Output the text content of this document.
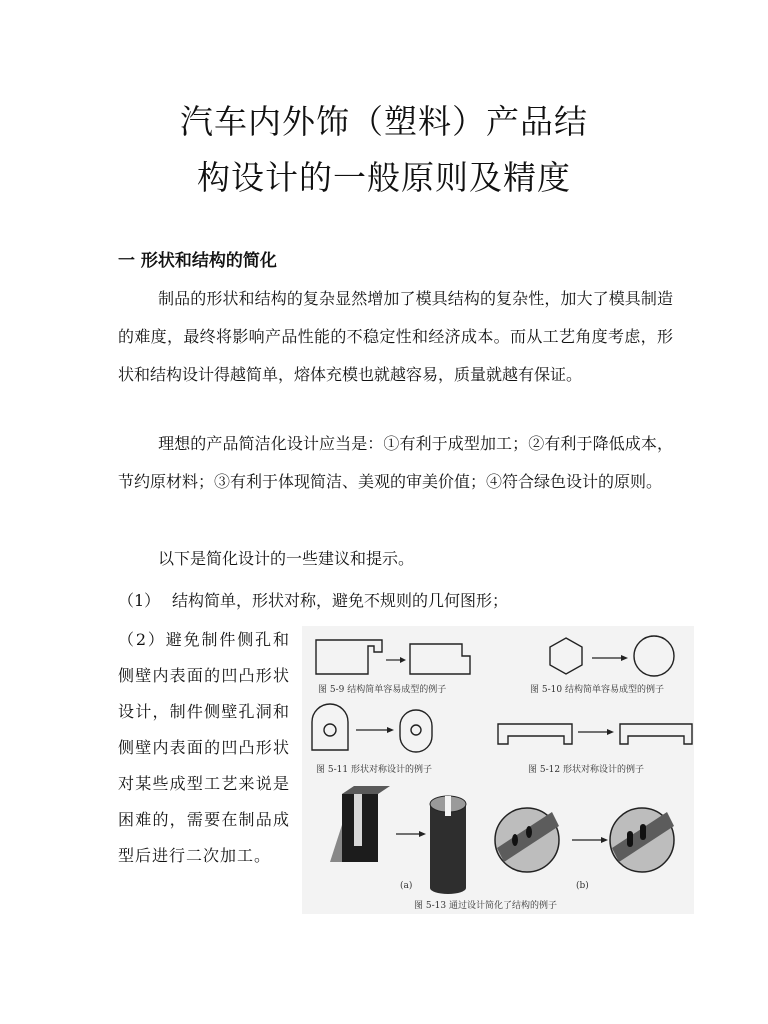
汽车内外饰（塑料）产品结
构设计的一般原则及精度
一 形状和结构的简化
制品的形状和结构的复杂显然增加了模具结构的复杂性，加大了模具制造的难度，最终将影响产品性能的不稳定性和经济成本。而从工艺角度考虑，形状和结构设计得越简单，熔体充模也就越容易，质量就越有保证。
理想的产品简洁化设计应当是：①有利于成型加工；②有利于降低成本，节约原材料；③有利于体现简洁、美观的审美价值；④符合绿色设计的原则。
以下是简化设计的一些建议和提示。
（1） 结构简单，形状对称，避免不规则的几何图形；
（2）避免制件侧孔和侧壁内表面的凹凸形状设计，制件侧壁孔洞和侧壁内表面的凹凸形状对某些成型工艺来说是困难的，需要在制品成型后进行二次加工。
图 5-9 结构简单容易成型的例子	图 5-10 结构简单容易成型的例子
图 5-11 形状对称设计的例子	图 5-12 形状对称设计的例子
(a)	(b)
图 5-13 通过设计简化了结构的例子
